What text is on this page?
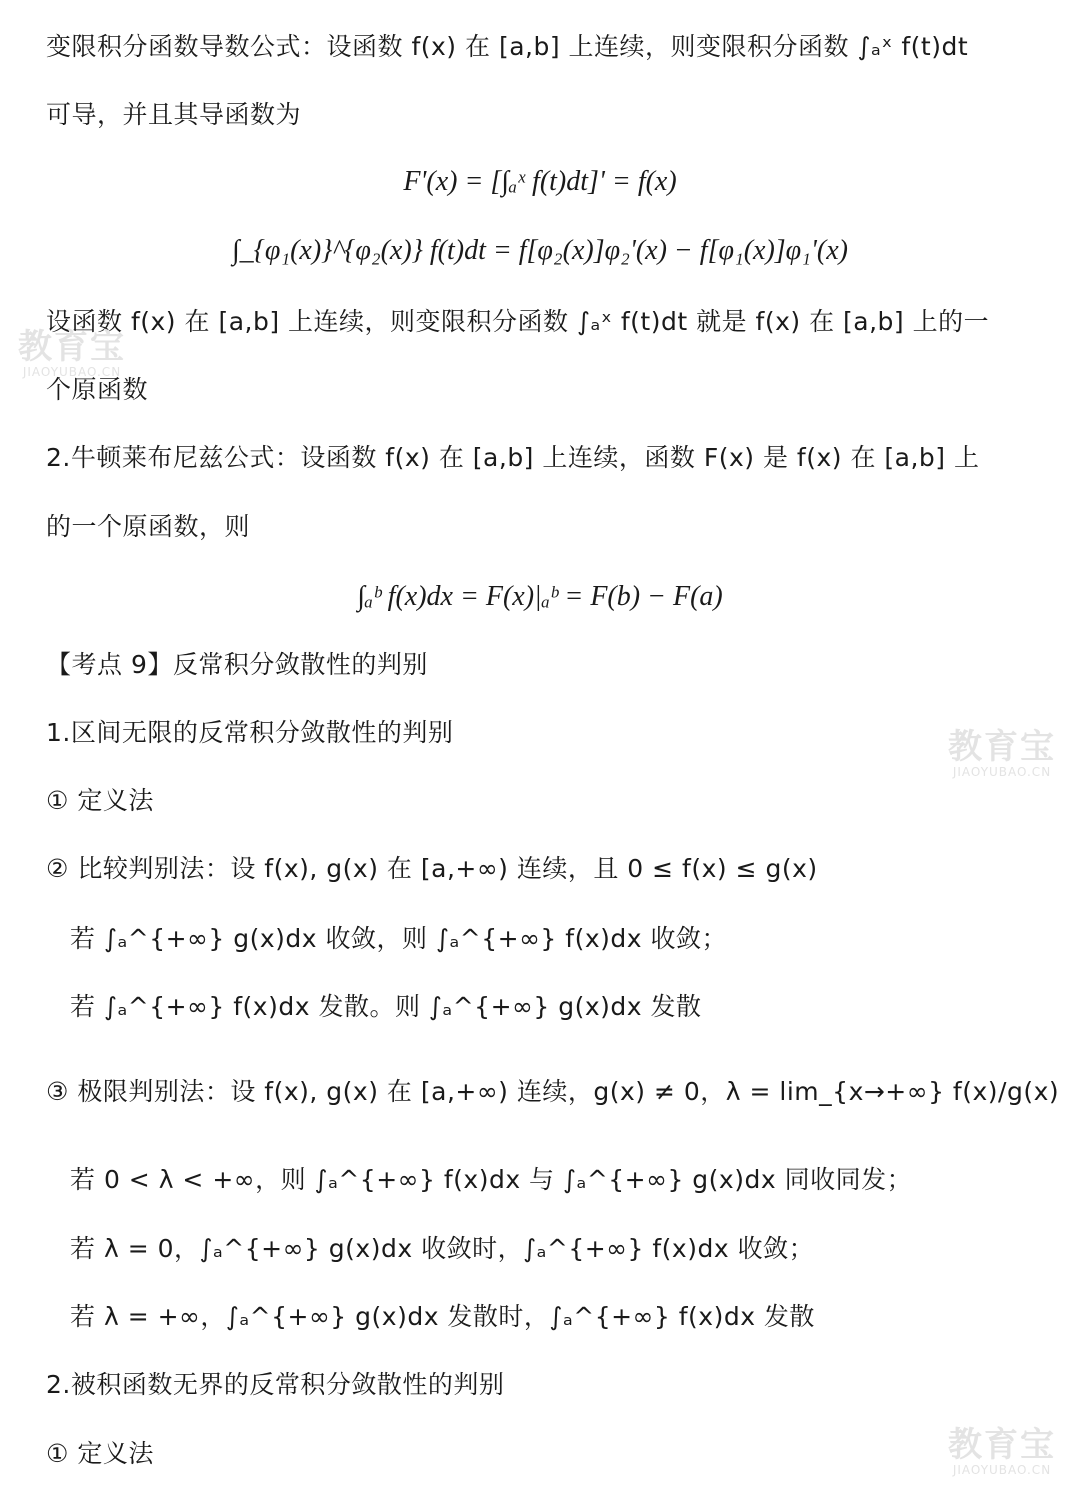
变限积分函数导数公式：设函数 f(x) 在 [a,b] 上连续，则变限积分函数 ∫ₐˣ f(t)dt
可导，并且其导函数为
F'(x) = [∫ₐˣ f(t)dt]' = f(x)
∫_{φ₁(x)}^{φ₂(x)} f(t)dt = f[φ₂(x)]φ₂'(x) − f[φ₁(x)]φ₁'(x)
设函数 f(x) 在 [a,b] 上连续，则变限积分函数 ∫ₐˣ f(t)dt 就是 f(x) 在 [a,b] 上的一
个原函数
2.牛顿莱布尼兹公式：设函数 f(x) 在 [a,b] 上连续，函数 F(x) 是 f(x) 在 [a,b] 上
的一个原函数，则
∫ₐᵇ f(x)dx = F(x)|ₐᵇ = F(b) − F(a)
【考点 9】反常积分敛散性的判别
1.区间无限的反常积分敛散性的判别
① 定义法
② 比较判别法：设 f(x), g(x) 在 [a,+∞) 连续，且 0 ≤ f(x) ≤ g(x)
若 ∫ₐ^{+∞} g(x)dx 收敛，则 ∫ₐ^{+∞} f(x)dx 收敛；
若 ∫ₐ^{+∞} f(x)dx 发散。则 ∫ₐ^{+∞} g(x)dx 发散
③ 极限判别法：设 f(x), g(x) 在 [a,+∞) 连续，g(x) ≠ 0，λ = lim_{x→+∞} f(x)/g(x)
若 0 < λ < +∞，则 ∫ₐ^{+∞} f(x)dx 与 ∫ₐ^{+∞} g(x)dx 同收同发；
若 λ = 0，∫ₐ^{+∞} g(x)dx 收敛时，∫ₐ^{+∞} f(x)dx 收敛；
若 λ = +∞，∫ₐ^{+∞} g(x)dx 发散时，∫ₐ^{+∞} f(x)dx 发散
2.被积函数无界的反常积分敛散性的判别
① 定义法
教育宝
JIAOYUBAO.CN
教育宝
JIAOYUBAO.CN
教育宝
JIAOYUBAO.CN
